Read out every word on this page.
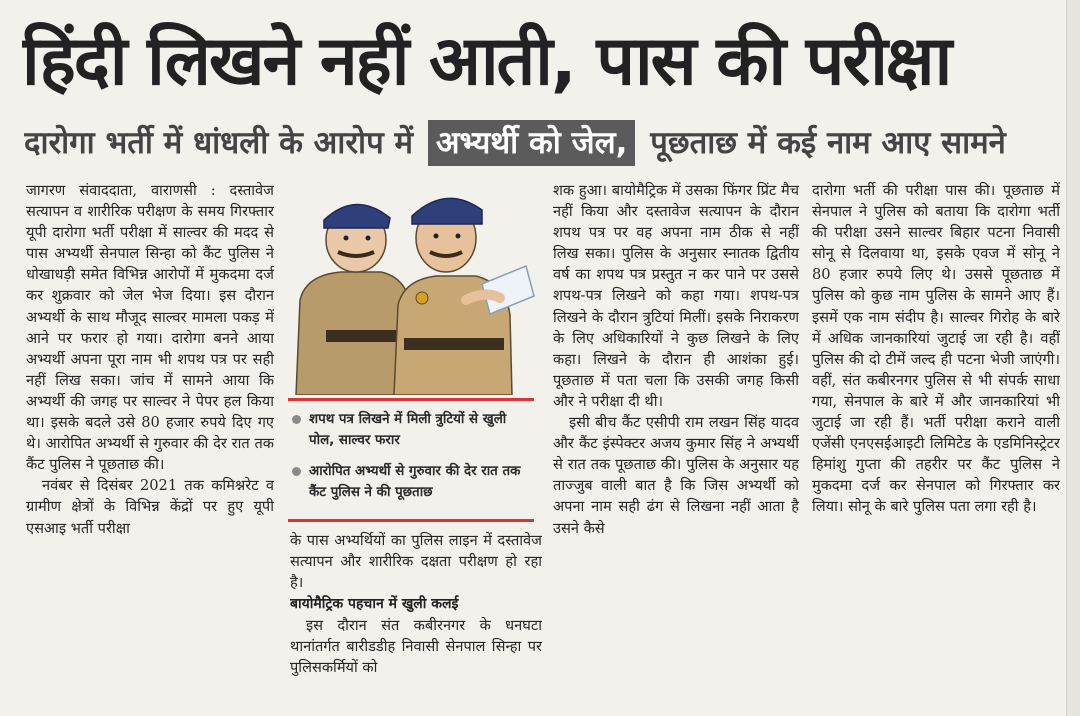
हिंदी लिखने नहीं आती, पास की परीक्षा
दारोगा भर्ती में धांधली के आरोप में अभ्यर्थी को जेल, पूछताछ में कई नाम आए सामने

जागरण संवाददाता, वाराणसी : दस्तावेज सत्यापन व शारीरिक परीक्षण के समय गिरफ्तार यूपी दारोगा भर्ती परीक्षा में साल्वर की मदद से पास अभ्यर्थी सेनपाल सिन्हा को कैंट पुलिस ने धोखाधड़ी समेत विभिन्न आरोपों में मुकदमा दर्ज कर शुक्रवार को जेल भेज दिया। इस दौरान अभ्यर्थी के साथ मौजूद साल्वर मामला पकड़ में आने पर फरार हो गया। दारोगा बनने आया अभ्यर्थी अपना पूरा नाम भी शपथ पत्र पर सही नहीं लिख सका। जांच में सामने आया कि अभ्यर्थी की जगह पर साल्वर ने पेपर हल किया था। इसके बदले उसे 80 हजार रुपये दिए गए थे। आरोपित अभ्यर्थी से गुरुवार की देर रात तक कैंट पुलिस ने पूछताछ की।

नवंबर से दिसंबर 2021 तक कमिश्नरेट व ग्रामीण क्षेत्रों के विभिन्न केंद्रों पर हुए यूपी एसआइ भर्ती परीक्षा

शपथ पत्र लिखने में मिली त्रुटियों से खुली पोल, साल्वर फरार
आरोपित अभ्यर्थी से गुरुवार की देर रात तक कैंट पुलिस ने की पूछताछ

के पास अभ्यर्थियों का पुलिस लाइन में दस्तावेज सत्यापन और शारीरिक दक्षता परीक्षण हो रहा है।

बायोमैट्रिक पहचान में खुली कलई

इस दौरान संत कबीरनगर के धनघटा थानांतर्गत बारीडडीह निवासी सेनपाल सिन्हा पर पुलिसकर्मियों को

शक हुआ। बायोमैट्रिक में उसका फिंगर प्रिंट मैच नहीं किया और दस्तावेज सत्यापन के दौरान शपथ पत्र पर वह अपना नाम ठीक से नहीं लिख सका। पुलिस के अनुसार स्नातक द्वितीय वर्ष का शपथ पत्र प्रस्तुत न कर पाने पर उससे शपथ-पत्र लिखने को कहा गया। शपथ-पत्र लिखने के दौरान त्रुटियां मिलीं। इसके निराकरण के लिए अधिकारियों ने कुछ लिखने के लिए कहा। लिखने के दौरान ही आशंका हुई। पूछताछ में पता चला कि उसकी जगह किसी और ने परीक्षा दी थी।

इसी बीच कैंट एसीपी राम लखन सिंह यादव और कैंट इंस्पेक्टर अजय कुमार सिंह ने अभ्यर्थी से रात तक पूछताछ की। पुलिस के अनुसार यह ताज्जुब वाली बात है कि जिस अभ्यर्थी को अपना नाम सही ढंग से लिखना नहीं आता है उसने कैसे

दारोगा भर्ती की परीक्षा पास की। पूछताछ में सेनपाल ने पुलिस को बताया कि दारोगा भर्ती की परीक्षा उसने साल्वर बिहार पटना निवासी सोनू से दिलवाया था, इसके एवज में सोनू ने 80 हजार रुपये लिए थे। उससे पूछताछ में पुलिस को कुछ नाम पुलिस के सामने आए हैं। इसमें एक नाम संदीप है। साल्वर गिरोह के बारे में अधिक जानकारियां जुटाई जा रही है। वहीं पुलिस की दो टीमें जल्द ही पटना भेजी जाएंगी। वहीं, संत कबीरनगर पुलिस से भी संपर्क साधा गया, सेनपाल के बारे में और जानकारियां भी जुटाई जा रही हैं। भर्ती परीक्षा कराने वाली एजेंसी एनएसईआइटी लिमिटेड के एडमिनिस्ट्रेटर हिमांशु गुप्ता की तहरीर पर कैंट पुलिस ने मुकदमा दर्ज कर सेनपाल को गिरफ्तार कर लिया। सोनू के बारे पुलिस पता लगा रही है।
